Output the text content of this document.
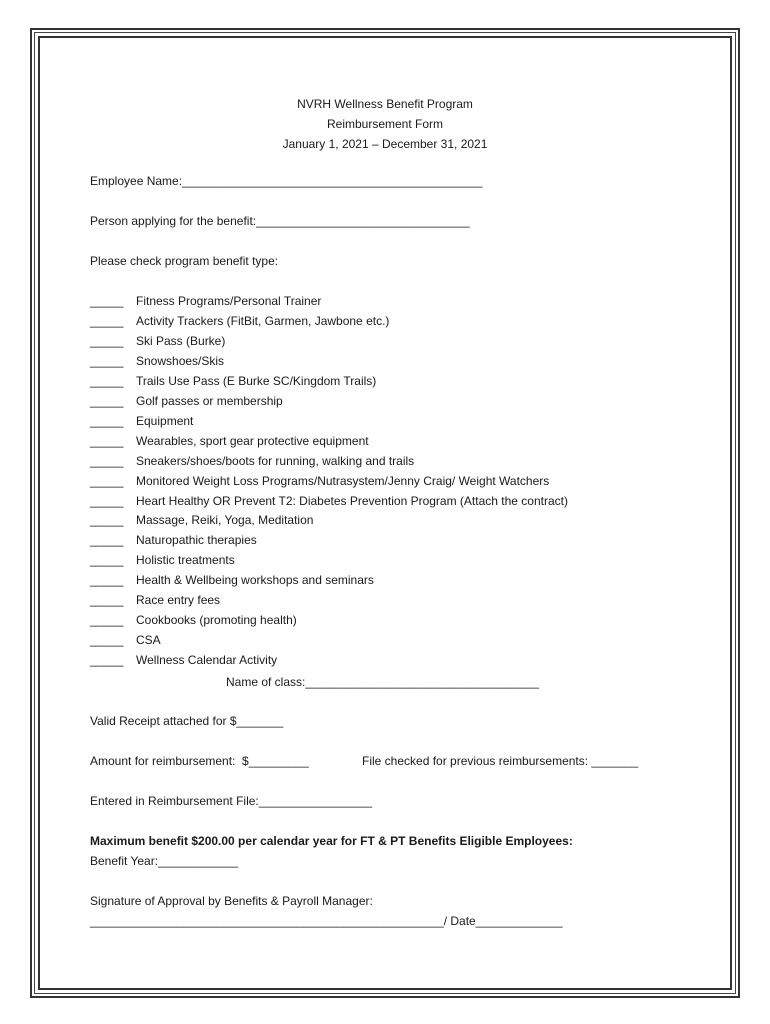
NVRH Wellness Benefit Program
Reimbursement Form
January 1, 2021 – December 31, 2021
Employee Name:_____________________________________________
Person applying for the benefit:________________________________
Please check program benefit type:
_____ Fitness Programs/Personal Trainer
_____ Activity Trackers (FitBit, Garmen, Jawbone etc.)
_____ Ski Pass (Burke)
_____ Snowshoes/Skis
_____ Trails Use Pass (E Burke SC/Kingdom Trails)
_____ Golf passes or membership
_____ Equipment
_____ Wearables, sport gear protective equipment
_____ Sneakers/shoes/boots for running, walking and trails
_____ Monitored Weight Loss Programs/Nutrasystem/Jenny Craig/ Weight Watchers
_____ Heart Healthy OR Prevent T2: Diabetes Prevention Program (Attach the contract)
_____ Massage, Reiki, Yoga, Meditation
_____ Naturopathic therapies
_____ Holistic treatments
_____ Health & Wellbeing workshops and seminars
_____ Race entry fees
_____ Cookbooks (promoting health)
_____ CSA
_____ Wellness Calendar Activity
Name of class:___________________________________
Valid Receipt attached for $_______
Amount for reimbursement:  $_________	File checked for previous reimbursements: _______
Entered in Reimbursement File:_________________
Maximum benefit $200.00 per calendar year for FT & PT Benefits Eligible Employees:
Benefit Year:____________
Signature of Approval by Benefits & Payroll Manager:
_____________________________________________________/ Date_____________
